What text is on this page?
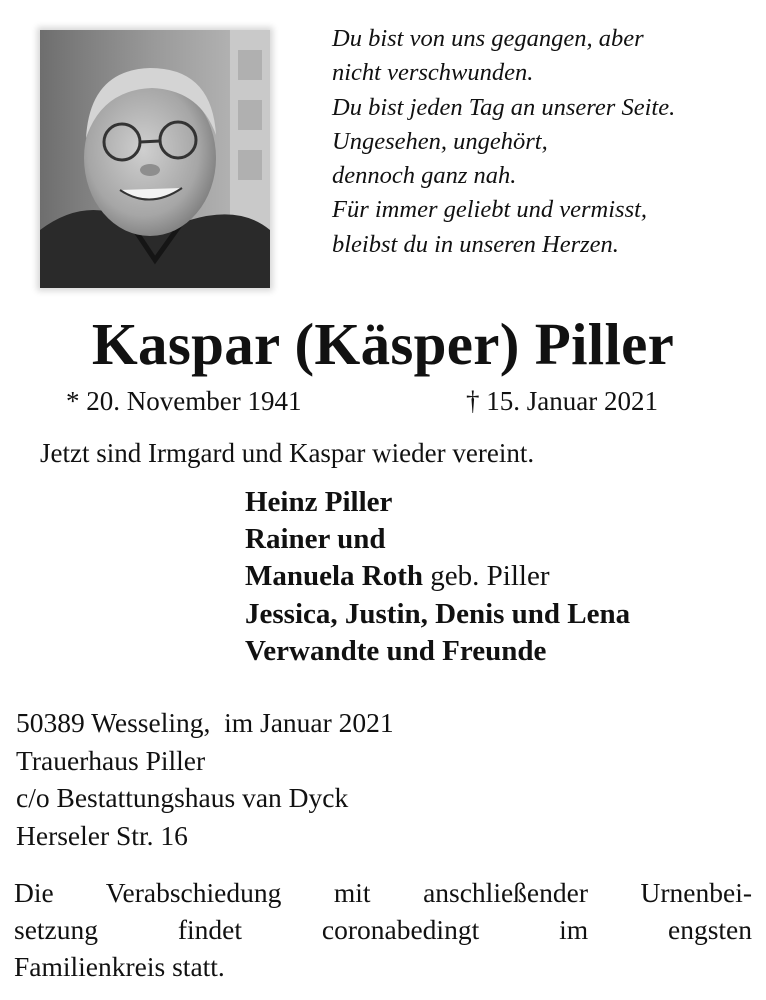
Du bist von uns gegangen, aber
nicht verschwunden.
Du bist jeden Tag an unserer Seite.
Ungesehen, ungehört,
dennoch ganz nah.
Für immer geliebt und vermisst,
bleibst du in unseren Herzen.
Kaspar (Käsper) Piller
* 20. November 1941	† 15. Januar 2021
Jetzt sind Irmgard und Kaspar wieder vereint.
Heinz Piller
Rainer und
Manuela Roth geb. Piller
Jessica, Justin, Denis und Lena
Verwandte und Freunde
50389 Wesseling,  im Januar 2021
Trauerhaus Piller
c/o Bestattungshaus van Dyck
Herseler Str. 16
Die Verabschiedung mit anschließender Urnenbei-
setzung findet coronabedingt im engsten
Familienkreis statt.
